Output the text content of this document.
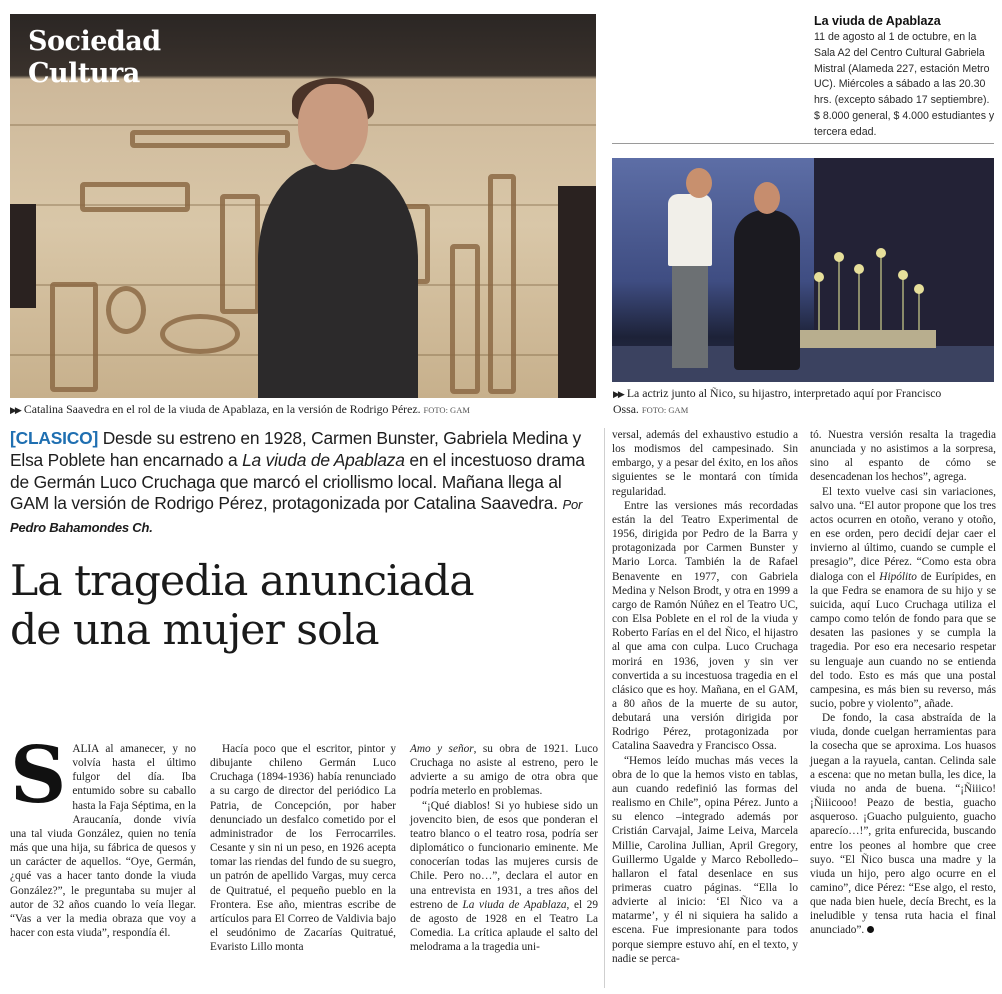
Sociedad
Cultura
▶▶ Catalina Saavedra en el rol de la viuda de Apablaza, en la versión de Rodrigo Pérez. FOTO: GAM
La viuda de Apablaza
11 de agosto al 1 de octubre, en la Sala A2 del Centro Cultural Gabriela Mistral (Alameda 227, estación Metro UC). Miércoles a sábado a las 20.30 hrs. (excepto sábado 17 septiembre). $ 8.000 general, $ 4.000 estudiantes y tercera edad.
▶▶ La actriz junto al Ñico, su hijastro, interpretado aquí por Francisco Ossa. FOTO: GAM
[CLASICO] Desde su estreno en 1928, Carmen Bunster, Gabriela Medina y Elsa Poblete han encarnado a La viuda de Apablaza en el incestuoso drama de Germán Luco Cruchaga que marcó el criollismo local. Mañana llega al GAM la versión de Rodrigo Pérez, protagonizada por Catalina Saavedra. Por Pedro Bahamondes Ch.
La tragedia anunciada
de una mujer sola

SALIA al amanecer, y no volvía hasta el último fulgor del día. Iba entumido sobre su caballo hasta la Faja Séptima, en la Araucanía, donde vivía una tal viuda González, quien no tenía más que una hija, su fábrica de quesos y un carácter de aquellos. “Oye, Germán, ¿qué vas a hacer tanto donde la viuda González?”, le preguntaba su mujer al autor de 32 años cuando lo veía llegar. “Vas a ver la media obraza que voy a hacer con esta viuda”, respondía él.

Hacía poco que el escritor, pintor y dibujante chileno Germán Luco Cruchaga (1894-1936) había renunciado a su cargo de director del periódico La Patria, de Concepción, por haber denunciado un desfalco cometido por el administrador de los Ferrocarriles. Cesante y sin ni un peso, en 1926 acepta tomar las riendas del fundo de su suegro, un patrón de apellido Vargas, muy cerca de Quitratué, el pequeño pueblo en la Frontera. Ese año, mientras escribe de artículos para El Correo de Valdivia bajo el seudónimo de Zacarías Quitratué, Evaristo Lillo monta

Amo y señor, su obra de 1921. Luco Cruchaga no asiste al estreno, pero le advierte a su amigo de otra obra que podría meterlo en problemas.

“¡Qué diablos! Si yo hubiese sido un jovencito bien, de esos que ponderan el teatro blanco o el teatro rosa, podría ser diplomático o funcionario eminente. Me conocerían todas las mujeres cursis de Chile. Pero no…”, declara el autor en una entrevista en 1931, a tres años del estreno de La viuda de Apablaza, el 29 de agosto de 1928 en el Teatro La Comedia. La crítica aplaude el salto del melodrama a la tragedia uni-

versal, además del exhaustivo estudio a los modismos del campesinado. Sin embargo, y a pesar del éxito, en los años siguientes se le montará con tímida regularidad.

Entre las versiones más recordadas están la del Teatro Experimental de 1956, dirigida por Pedro de la Barra y protagonizada por Carmen Bunster y Mario Lorca. También la de Rafael Benavente en 1977, con Gabriela Medina y Nelson Brodt, y otra en 1999 a cargo de Ramón Núñez en el Teatro UC, con Elsa Poblete en el rol de la viuda y Roberto Farías en el del Ñico, el hijastro al que ama con culpa. Luco Cruchaga morirá en 1936, joven y sin ver convertida a su incestuosa tragedia en el clásico que es hoy. Mañana, en el GAM, a 80 años de la muerte de su autor, debutará una versión dirigida por Rodrigo Pérez, protagonizada por Catalina Saavedra y Francisco Ossa.

“Hemos leído muchas más veces la obra de lo que la hemos visto en tablas, aun cuando redefinió las formas del realismo en Chile”, opina Pérez. Junto a su elenco –integrado además por Cristián Carvajal, Jaime Leiva, Marcela Millie, Carolina Jullian, April Gregory, Guillermo Ugalde y Marco Rebolledo– hallaron el fatal desenlace en sus primeras cuatro páginas. “Ella lo advierte al inicio: ‘El Ñico va a matarme’, y él ni siquiera ha salido a escena. Fue impresionante para todos porque siempre estuvo ahí, en el texto, y nadie se perca-

tó. Nuestra versión resalta la tragedia anunciada y no asistimos a la sorpresa, sino al espanto de cómo se desencadenan los hechos”, agrega.

El texto vuelve casi sin variaciones, salvo una. “El autor propone que los tres actos ocurren en otoño, verano y otoño, en ese orden, pero decidí dejar caer el invierno al último, cuando se cumple el presagio”, dice Pérez. “Como esta obra dialoga con el Hipólito de Eurípides, en la que Fedra se enamora de su hijo y se suicida, aquí Luco Cruchaga utiliza el campo como telón de fondo para que se desaten las pasiones y se cumpla la tragedia. Por eso era necesario respetar su lenguaje aun cuando no se entienda del todo. Esto es más que una postal campesina, es más bien su reverso, más sucio, pobre y violento”, añade.

De fondo, la casa abstraída de la viuda, donde cuelgan herramientas para la cosecha que se aproxima. Los huasos juegan a la rayuela, cantan. Celinda sale a escena: que no metan bulla, les dice, la viuda no anda de buena. “¡Ñiiico! ¡Ñiiicooo! Peazo de bestia, guacho asqueroso. ¡Guacho pulguiento, guacho aparecío…!”, grita enfurecida, buscando entre los peones al hombre que cree suyo. “El Ñico busca una madre y la viuda un hijo, pero algo ocurre en el camino”, dice Pérez: “Ese algo, el resto, que nada bien huele, decía Brecht, es la ineludible y tensa ruta hacia el final anunciado”.
